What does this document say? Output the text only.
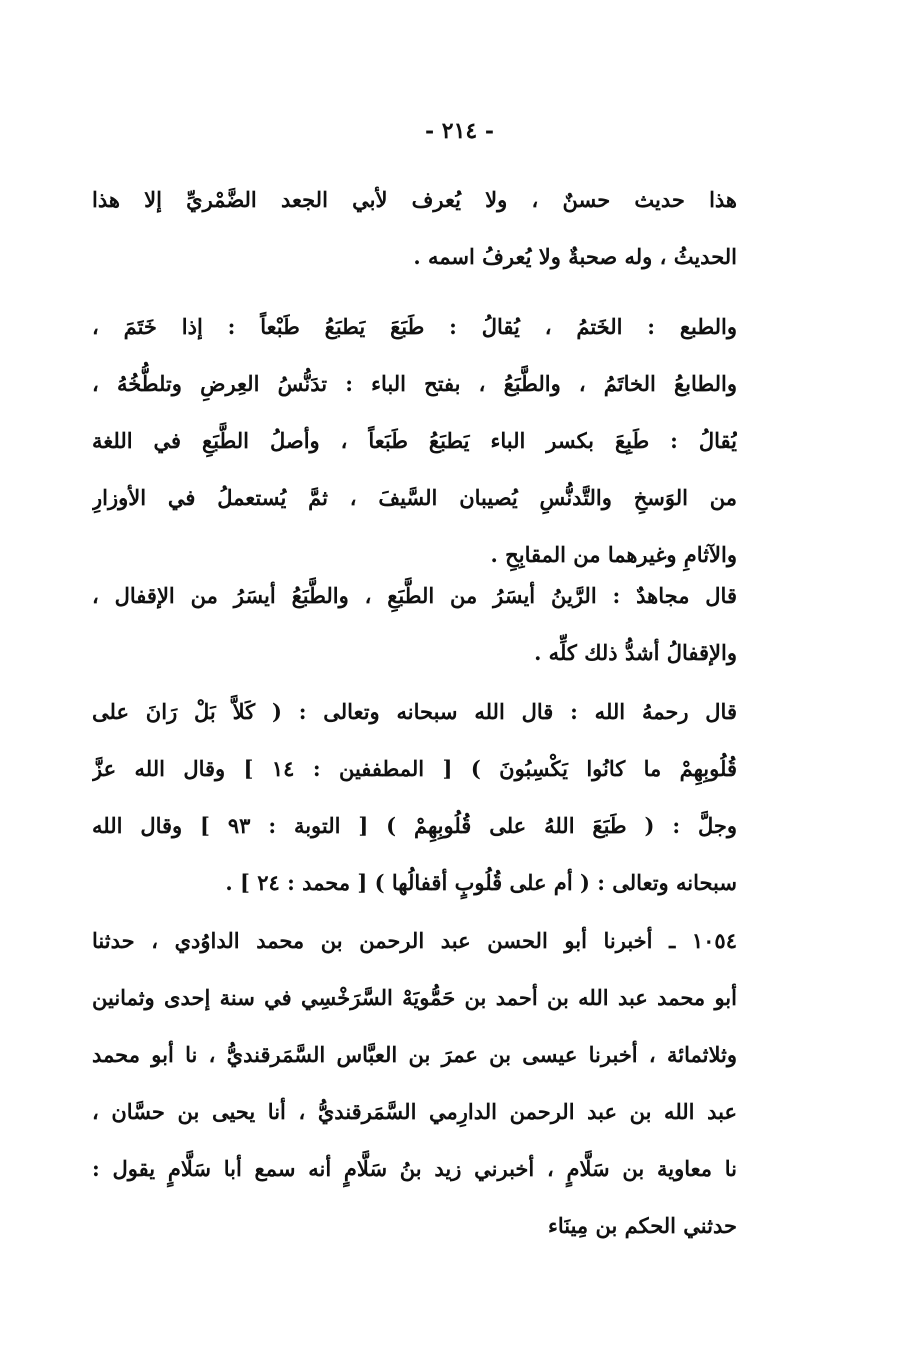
- ٢١٤ -
هذا حديث حسنٌ ، ولا يُعرف لأبي الجعد الضَّمْريِّ إلا هذا
الحديثُ ، وله صحبةٌ ولا يُعرفُ اسمه .
والطبع : الخَتمُ ، يُقالُ : طَبَعَ يَطبَعُ طَبْعاً : إذا خَتَمَ ،
والطابعُ الخاتَمُ ، والطَّبَعُ ، بفتح الباء : تدَنُّسُ العِرضِ وتلطُّخُهُ ،
يُقالُ : طَبِعَ بكسر الباء يَطبَعُ طَبَعاً ، وأصلُ الطَّبَعِ في اللغة
من الوَسخِ والتَّدنُّسِ يُصيبان السَّيفَ ، ثمَّ يُستعملُ في الأوزارِ
والآثامِ وغيرهما من المقابِحِ .
قال مجاهدٌ : الرَّينُ أيسَرُ من الطَّبَعِ ، والطَّبَعُ أيسَرُ من الإقفال ،
والإقفالُ أشدُّ ذلك كلِّه .
قال رحمهُ الله : قال الله سبحانه وتعالى : ( كَلاَّ بَلْ رَانَ على
قُلُوبِهِمْ ما كانُوا يَكْسِبُونَ ) [ المطففين : ١٤ ] وقال الله عزَّ
وجلَّ : ( طَبَعَ اللهُ على قُلُوبِهِمْ ) [ التوبة : ٩٣ ] وقال الله
سبحانه وتعالى : ( أم على قُلُوبٍ أقفالُها ) [ محمد : ٢٤ ] .
١٠٥٤ ـ أخبرنا أبو الحسن عبد الرحمن بن محمد الداوُدي ، حدثنا
أبو محمد عبد الله بن أحمد بن حَمُّويَهْ السَّرَخْسِي في سنة إحدى وثمانين
وثلاثمائة ، أخبرنا عيسى بن عمرَ بن العبَّاس السَّمَرقنديُّ ، نا أبو محمد
عبد الله بن عبد الرحمن الدارِمي السَّمَرقنديُّ ، أنا يحيى بن حسَّان ،
نا معاوية بن سَلَّامٍ ، أخبرني زيد بنُ سَلَّامٍ أنه سمع أبا سَلَّامٍ يقول :
حدثني الحكم بن مِينَاء
